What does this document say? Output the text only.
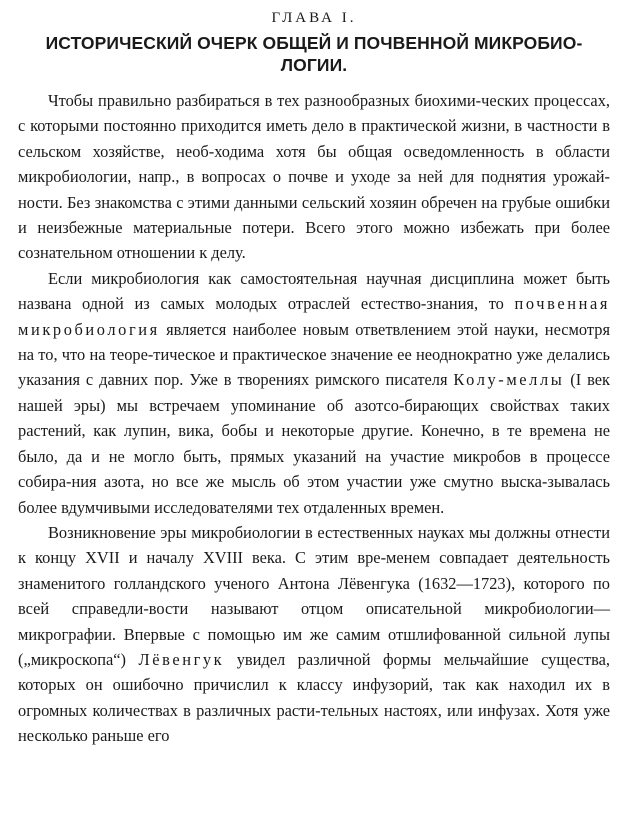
ГЛАВА I.
ИСТОРИЧЕСКИЙ ОЧЕРК ОБЩЕЙ И ПОЧВЕННОЙ МИКРОБИО-ЛОГИИ.

Чтобы правильно разбираться в тех разнообразных биохими-ческих процессах, с которыми постоянно приходится иметь дело в практической жизни, в частности в сельском хозяйстве, необ-ходима хотя бы общая осведомленность в области микробиологии, напр., в вопросах о почве и уходе за ней для поднятия урожай-ности. Без знакомства с этими данными сельский хозяин обречен на грубые ошибки и неизбежные материальные потери. Всего этого можно избежать при более сознательном отношении к делу.

Если микробиология как самостоятельная научная дисциплина может быть названа одной из самых молодых отраслей естество-знания, то почвенная микробиология является наиболее новым ответвлением этой науки, несмотря на то, что на теоре-тическое и практическое значение ее неоднократно уже делались указания с давних пор. Уже в творениях римского писателя Колу-меллы (I век нашей эры) мы встречаем упоминание об азотсо-бирающих свойствах таких растений, как лупин, вика, бобы и некоторые другие. Конечно, в те времена не было, да и не могло быть, прямых указаний на участие микробов в процессе собира-ния азота, но все же мысль об этом участии уже смутно выска-зывалась более вдумчивыми исследователями тех отдаленных времен.

Возникновение эры микробиологии в естественных науках мы должны отнести к концу XVII и началу XVIII века. С этим вре-менем совпадает деятельность знаменитого голландского ученого Антона Лёвенгука (1632—1723), которого по всей справедли-вости называют отцом описательной микробиологии—микрографии. Впервые с помощью им же самим отшлифованной сильной лупы („микроскопа“) Лёвенгук увидел различной формы мельчайшие существа, которых он ошибочно причислил к классу инфузорий, так как находил их в огромных количествах в различных расти-тельных настоях, или инфузах. Хотя уже несколько раньше его
